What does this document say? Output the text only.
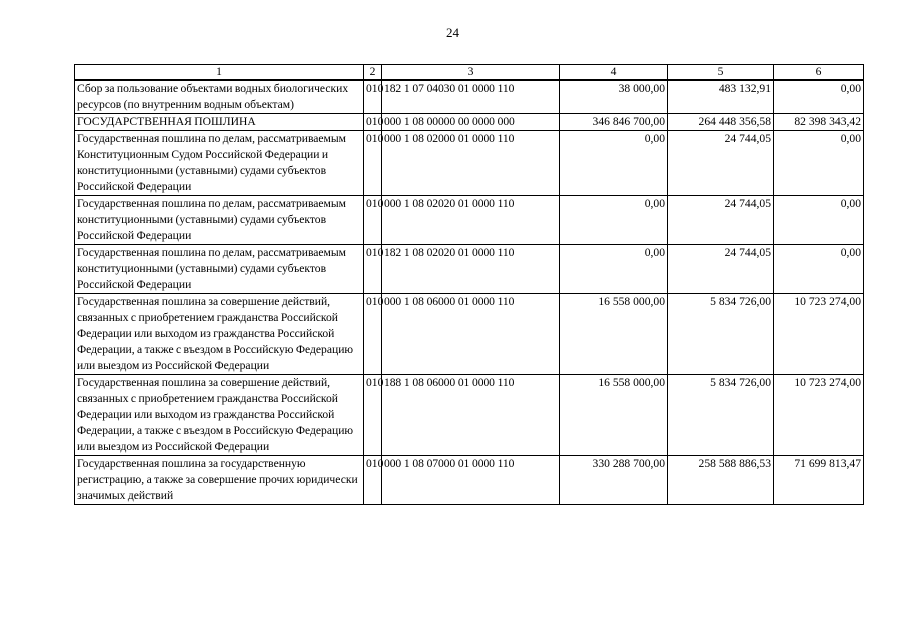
24
1	2	3	4	5	6
Сбор за пользование объектами водных биологических ресурсов (по внутренним водным объектам)	010	182 1 07 04030 01 0000 110	38 000,00	483 132,91	0,00
ГОСУДАРСТВЕННАЯ ПОШЛИНА	010	000 1 08 00000 00 0000 000	346 846 700,00	264 448 356,58	82 398 343,42
Государственная пошлина по делам, рассматриваемым Конституционным Судом Российской Федерации и конституционными (уставными) судами субъектов Российской Федерации	010	000 1 08 02000 01 0000 110	0,00	24 744,05	0,00
Государственная пошлина по делам, рассматриваемым конституционными (уставными) судами субъектов Российской Федерации	010	000 1 08 02020 01 0000 110	0,00	24 744,05	0,00
Государственная пошлина по делам, рассматриваемым конституционными (уставными) судами субъектов Российской Федерации	010	182 1 08 02020 01 0000 110	0,00	24 744,05	0,00
Государственная пошлина за совершение действий, связанных с приобретением гражданства Российской Федерации или выходом из гражданства Российской Федерации, а также с въездом в Российскую Федерацию или выездом из Российской Федерации	010	000 1 08 06000 01 0000 110	16 558 000,00	5 834 726,00	10 723 274,00
Государственная пошлина за совершение действий, связанных с приобретением гражданства Российской Федерации или выходом из гражданства Российской Федерации, а также с въездом в Российскую Федерацию или выездом из Российской Федерации	010	188 1 08 06000 01 0000 110	16 558 000,00	5 834 726,00	10 723 274,00
Государственная пошлина за государственную регистрацию, а также за совершение прочих юридически значимых действий	010	000 1 08 07000 01 0000 110	330 288 700,00	258 588 886,53	71 699 813,47
